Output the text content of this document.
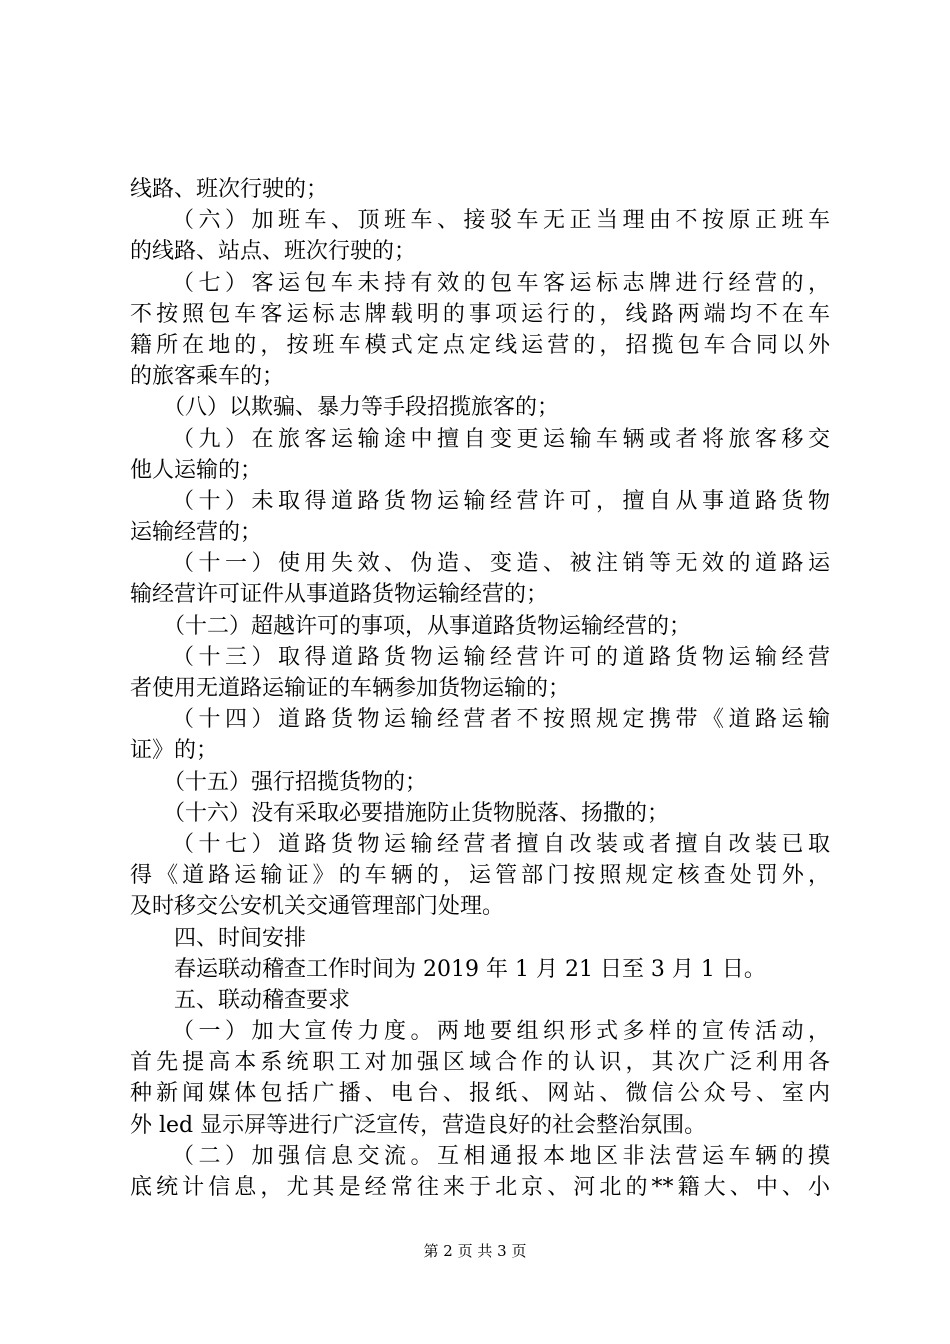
线路、班次行驶的；
　　（六）加班车、顶班车、接驳车无正当理由不按原正班车
的线路、站点、班次行驶的；
　　（七）客运包车未持有效的包车客运标志牌进行经营的，
不按照包车客运标志牌载明的事项运行的，线路两端均不在车
籍所在地的，按班车模式定点定线运营的，招揽包车合同以外
的旅客乘车的；
　　（八）以欺骗、暴力等手段招揽旅客的；
　　（九）在旅客运输途中擅自变更运输车辆或者将旅客移交
他人运输的；
　　（十）未取得道路货物运输经营许可，擅自从事道路货物
运输经营的；
　　（十一）使用失效、伪造、变造、被注销等无效的道路运
输经营许可证件从事道路货物运输经营的；
　　（十二）超越许可的事项，从事道路货物运输经营的；
　　（十三）取得道路货物运输经营许可的道路货物运输经营
者使用无道路运输证的车辆参加货物运输的；
　　（十四）道路货物运输经营者不按照规定携带《道路运输
证》的；
　　（十五）强行招揽货物的；
　　（十六）没有采取必要措施防止货物脱落、扬撒的；
　　（十七）道路货物运输经营者擅自改装或者擅自改装已取
得《道路运输证》的车辆的，运管部门按照规定核查处罚外，
及时移交公安机关交通管理部门处理。
　　四、时间安排
　　春运联动稽查工作时间为 2019 年 1 月 21 日至 3 月 1 日。
　　五、联动稽查要求
　　（一）加大宣传力度。两地要组织形式多样的宣传活动，
首先提高本系统职工对加强区域合作的认识，其次广泛利用各
种新闻媒体包括广播、电台、报纸、网站、微信公众号、室内
外 led 显示屏等进行广泛宣传，营造良好的社会整治氛围。
　　（二）加强信息交流。互相通报本地区非法营运车辆的摸
底统计信息，尤其是经常往来于北京、河北的**籍大、中、小
第 2 页 共 3 页
